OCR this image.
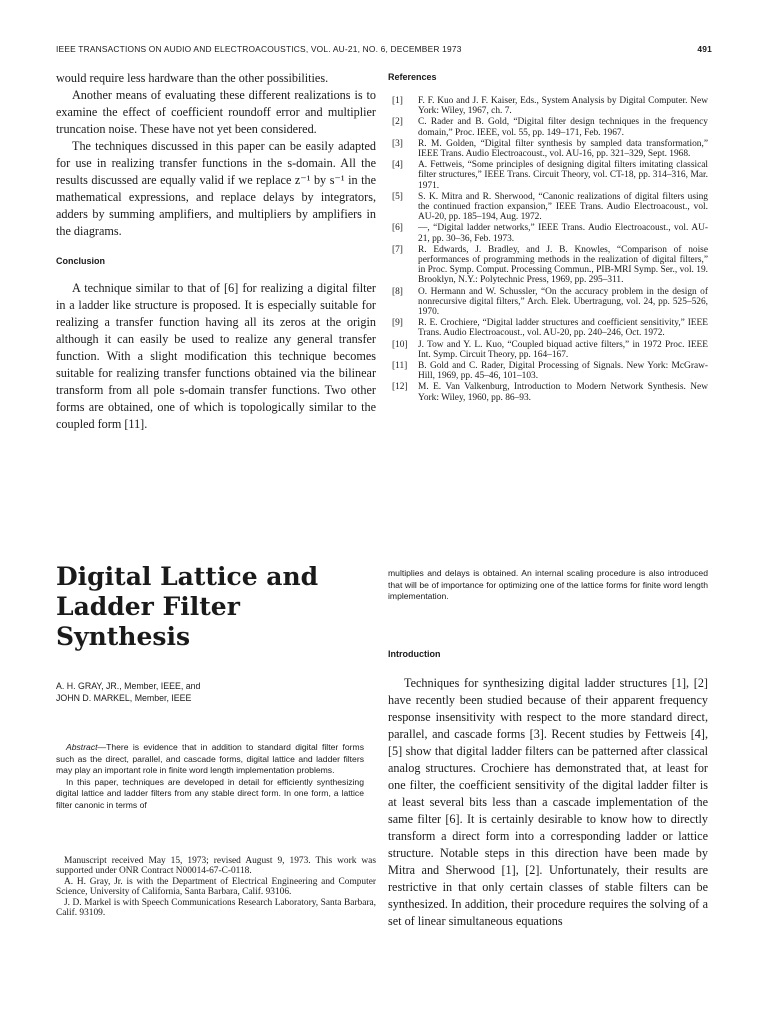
IEEE TRANSACTIONS ON AUDIO AND ELECTROACOUSTICS, VOL. AU-21, NO. 6, DECEMBER 1973	491

would require less hardware than the other possibilities.

Another means of evaluating these different realizations is to examine the effect of coefficient roundoff error and multiplier truncation noise. These have not yet been considered.

The techniques discussed in this paper can be easily adapted for use in realizing transfer functions in the s-domain. All the results discussed are equally valid if we replace z⁻¹ by s⁻¹ in the mathematical expressions, and replace delays by integrators, adders by summing amplifiers, and multipliers by amplifiers in the diagrams.

Conclusion

A technique similar to that of [6] for realizing a digital filter in a ladder like structure is proposed. It is especially suitable for realizing a transfer function having all its zeros at the origin although it can easily be used to realize any general transfer function. With a slight modification this technique becomes suitable for realizing transfer functions obtained via the bilinear transform from all pole s-domain transfer functions. Two other forms are obtained, one of which is topologically similar to the coupled form [11].

References
[1] F. F. Kuo and J. F. Kaiser, Eds., System Analysis by Digital Computer. New York: Wiley, 1967, ch. 7.
[2] C. Rader and B. Gold, “Digital filter design techniques in the frequency domain,” Proc. IEEE, vol. 55, pp. 149–171, Feb. 1967.
[3] R. M. Golden, “Digital filter synthesis by sampled data transformation,” IEEE Trans. Audio Electroacoust., vol. AU-16, pp. 321–329, Sept. 1968.
[4] A. Fettweis, “Some principles of designing digital filters imitating classical filter structures,” IEEE Trans. Circuit Theory, vol. CT-18, pp. 314–316, Mar. 1971.
[5] S. K. Mitra and R. Sherwood, “Canonic realizations of digital filters using the continued fraction expansion,” IEEE Trans. Audio Electroacoust., vol. AU-20, pp. 185–194, Aug. 1972.
[6] —, “Digital ladder networks,” IEEE Trans. Audio Electroacoust., vol. AU-21, pp. 30–36, Feb. 1973.
[7] R. Edwards, J. Bradley, and J. B. Knowles, “Comparison of noise performances of programming methods in the realization of digital filters,” in Proc. Symp. Comput. Processing Commun., PIB-MRI Symp. Ser., vol. 19. Brooklyn, N.Y.: Polytechnic Press, 1969, pp. 295–311.
[8] O. Hermann and W. Schussler, “On the accuracy problem in the design of nonrecursive digital filters,” Arch. Elek. Ubertragung, vol. 24, pp. 525–526, 1970.
[9] R. E. Crochiere, “Digital ladder structures and coefficient sensitivity,” IEEE Trans. Audio Electroacoust., vol. AU-20, pp. 240–246, Oct. 1972.
[10] J. Tow and Y. L. Kuo, “Coupled biquad active filters,” in 1972 Proc. IEEE Int. Symp. Circuit Theory, pp. 164–167.
[11] B. Gold and C. Rader, Digital Processing of Signals. New York: McGraw-Hill, 1969, pp. 45–46, 101–103.
[12] M. E. Van Valkenburg, Introduction to Modern Network Synthesis. New York: Wiley, 1960, pp. 86–93.
Digital Lattice and Ladder Filter Synthesis
A. H. GRAY, JR., Member, IEEE, and
JOHN D. MARKEL, Member, IEEE

Abstract—There is evidence that in addition to standard digital filter forms such as the direct, parallel, and cascade forms, digital lattice and ladder filters may play an important role in finite word length implementation problems.

In this paper, techniques are developed in detail for efficiently synthesizing digital lattice and ladder filters from any stable direct form. In one form, a lattice filter canonic in terms of

Manuscript received May 15, 1973; revised August 9, 1973. This work was supported under ONR Contract N00014-67-C-0118.

A. H. Gray, Jr. is with the Department of Electrical Engineering and Computer Science, University of California, Santa Barbara, Calif. 93106.

J. D. Markel is with Speech Communications Research Laboratory, Santa Barbara, Calif. 93109.

multiplies and delays is obtained. An internal scaling procedure is also introduced that will be of importance for optimizing one of the lattice forms for finite word length implementation.

Introduction

Techniques for synthesizing digital ladder structures [1], [2] have recently been studied because of their apparent frequency response insensitivity with respect to the more standard direct, parallel, and cascade forms [3]. Recent studies by Fettweis [4], [5] show that digital ladder filters can be patterned after classical analog structures. Crochiere has demonstrated that, at least for one filter, the coefficient sensitivity of the digital ladder filter is at least several bits less than a cascade implementation of the same filter [6]. It is certainly desirable to know how to directly transform a direct form into a corresponding ladder or lattice structure. Notable steps in this direction have been made by Mitra and Sherwood [1], [2]. Unfortunately, their results are restrictive in that only certain classes of stable filters can be synthesized. In addition, their procedure requires the solving of a set of linear simultaneous equations
